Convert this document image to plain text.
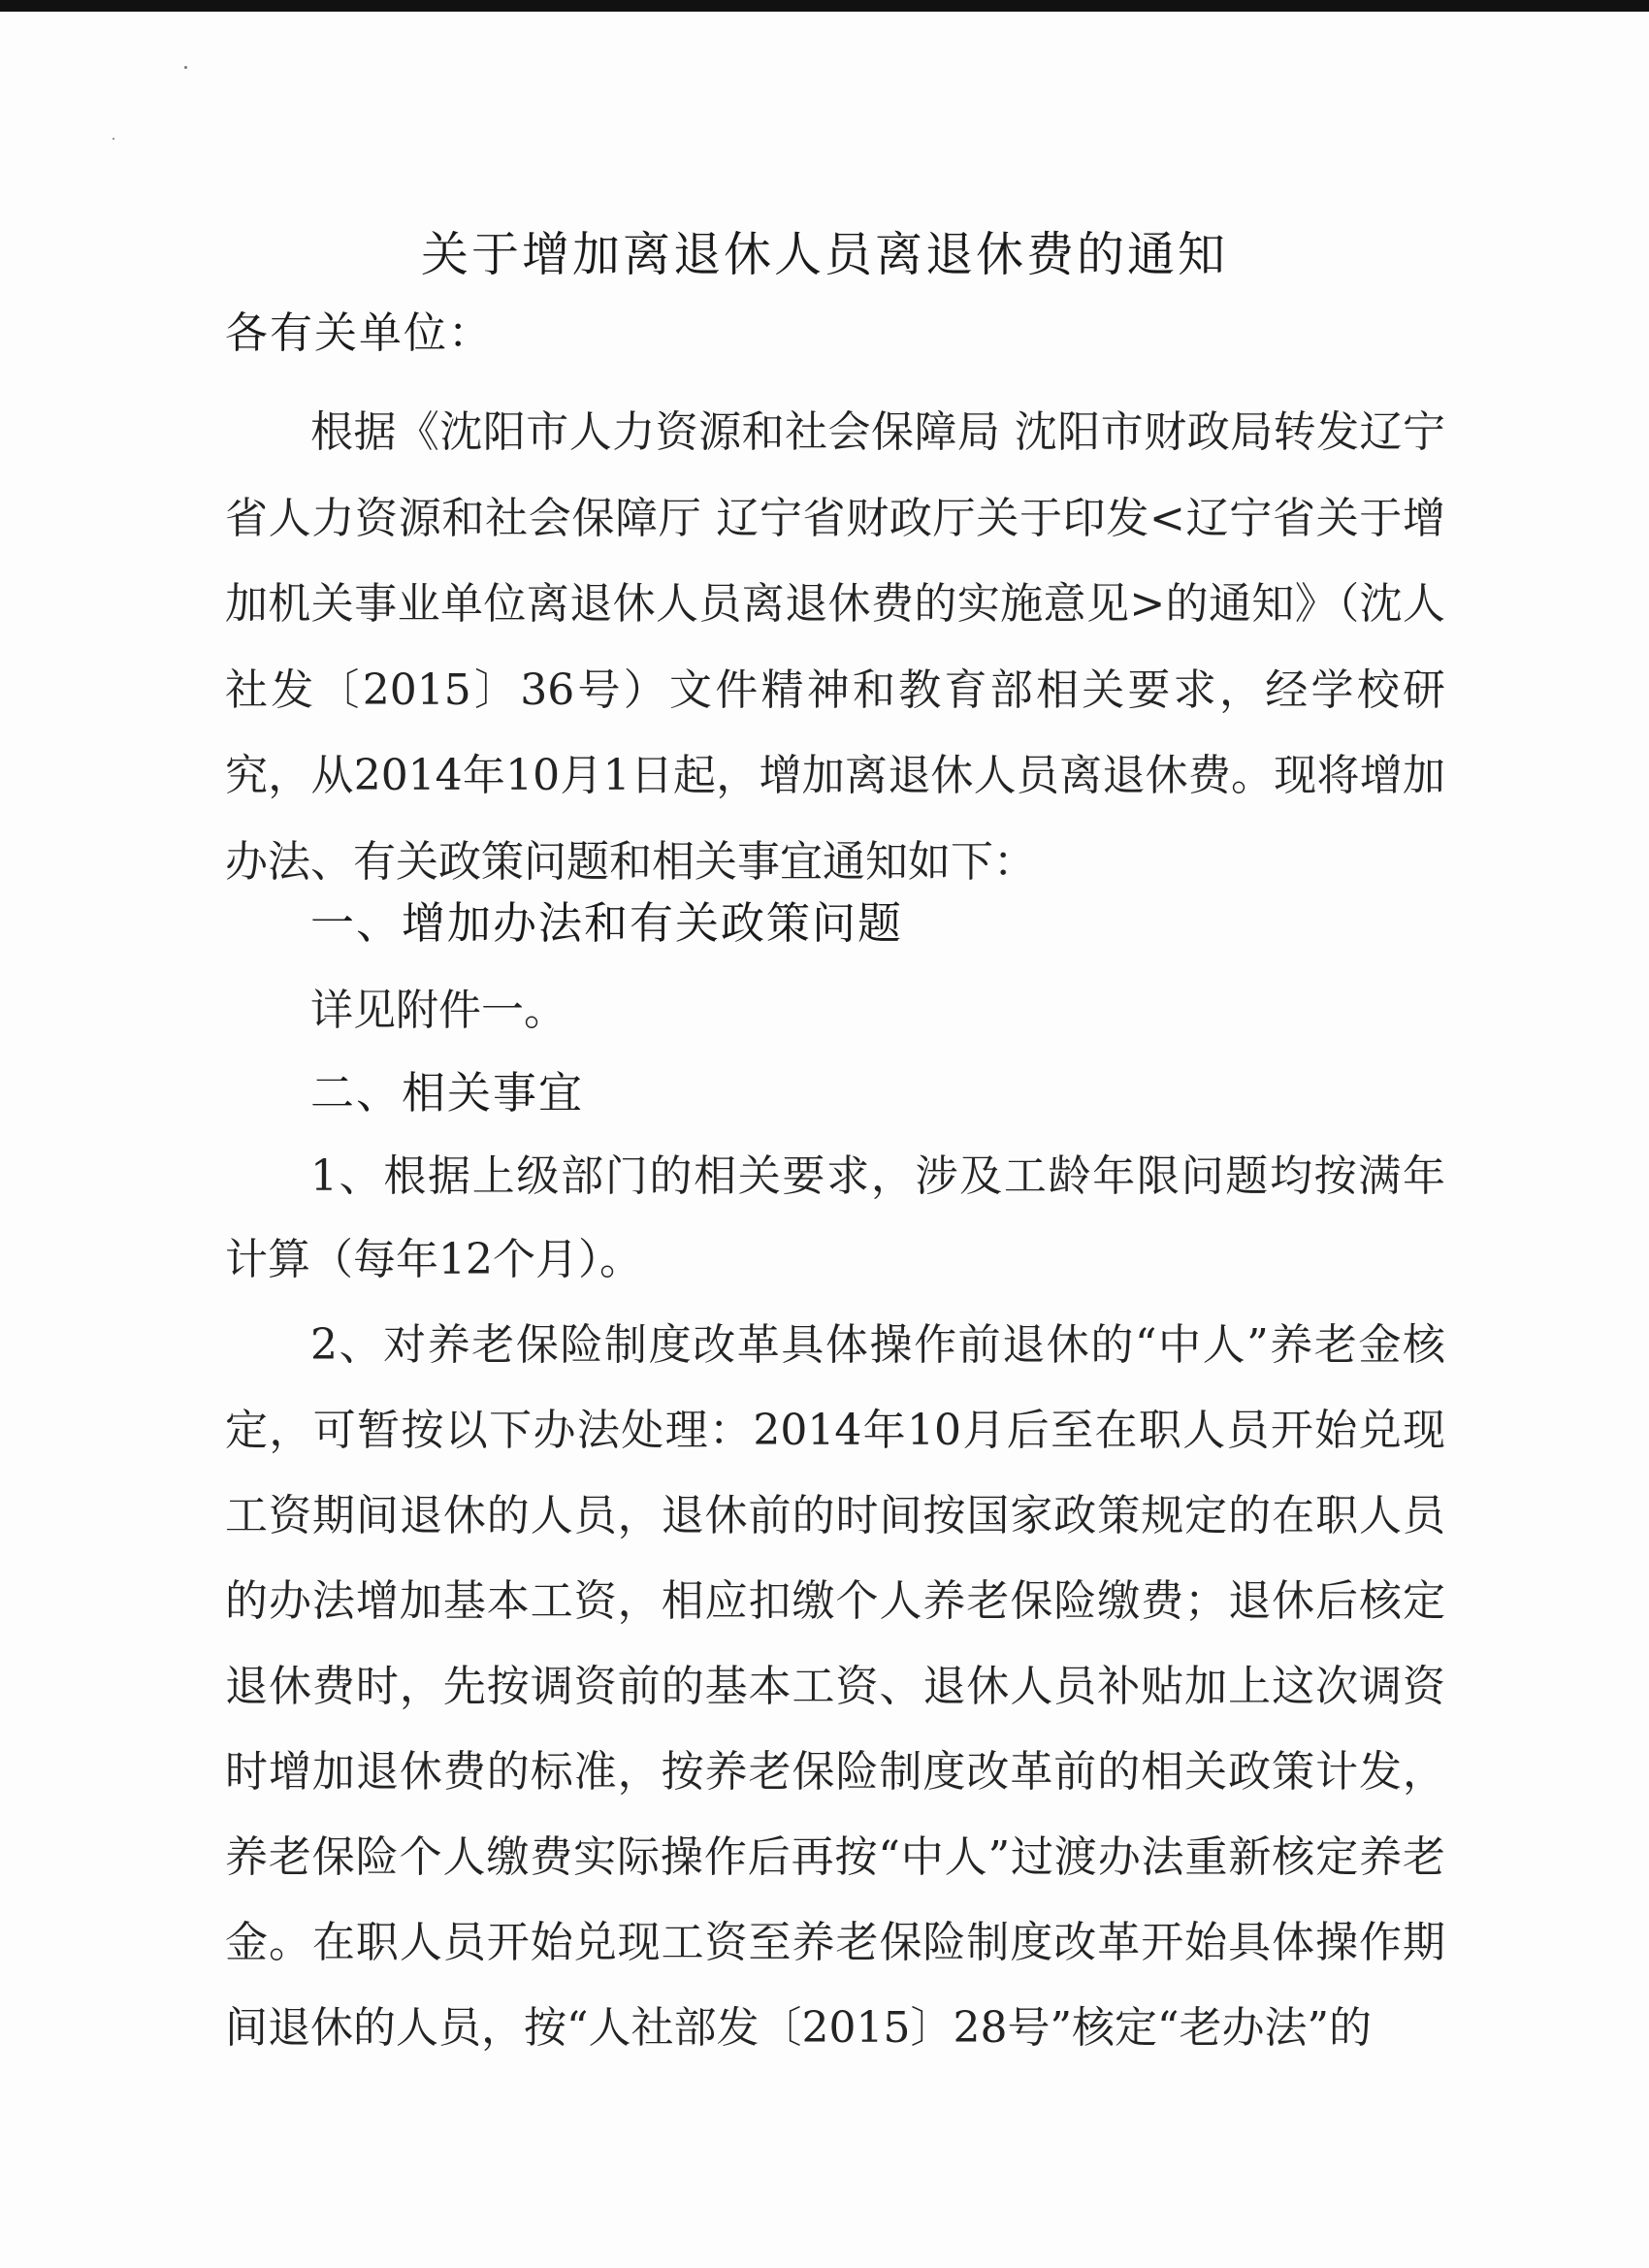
关于增加离退休人员离退休费的通知
各有关单位：

根据《沈阳市人力资源和社会保障局 沈阳市财政局转发辽宁省人力资源和社会保障厅 辽宁省财政厅关于印发<辽宁省关于增加机关事业单位离退休人员离退休费的实施意见>的通知》（沈人社发〔2015〕36号）文件精神和教育部相关要求，经学校研究，从2014年10月1日起，增加离退休人员离退休费。现将增加办法、有关政策问题和相关事宜通知如下：

一、增加办法和有关政策问题
详见附件一。
二、相关事宜

1、根据上级部门的相关要求，涉及工龄年限问题均按满年计算（每年12个月）。

2、对养老保险制度改革具体操作前退休的“中人”养老金核定，可暂按以下办法处理：2014年10月后至在职人员开始兑现工资期间退休的人员，退休前的时间按国家政策规定的在职人员的办法增加基本工资，相应扣缴个人养老保险缴费；退休后核定退休费时，先按调资前的基本工资、退休人员补贴加上这次调资时增加退休费的标准，按养老保险制度改革前的相关政策计发，养老保险个人缴费实际操作后再按“中人”过渡办法重新核定养老金。在职人员开始兑现工资至养老保险制度改革开始具体操作期间退休的人员，按“人社部发〔2015〕28号”核定“老办法”的
